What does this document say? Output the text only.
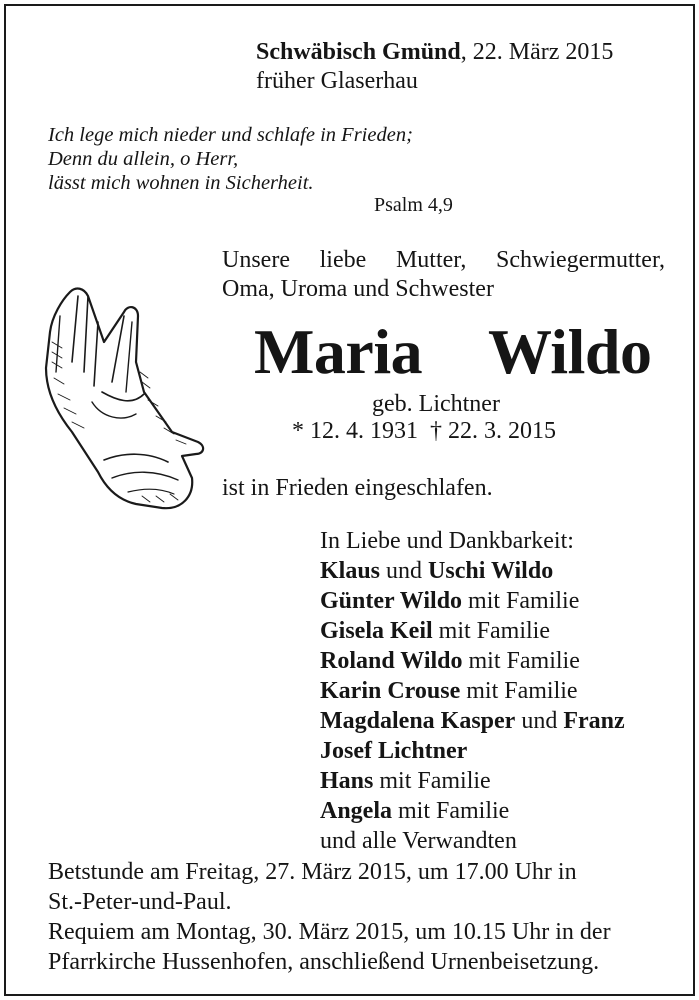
Schwäbisch Gmünd, 22. März 2015
früher Glaserhau
Ich lege mich nieder und schlafe in Frieden;
Denn du allein, o Herr,
lässt mich wohnen in Sicherheit.
Psalm 4,9
Unsere liebe Mutter, Schwiegermutter,
Oma, Uroma und Schwester
Maria  Wildo
geb. Lichtner
* 12. 4. 1931  † 22. 3. 2015
ist in Frieden eingeschlafen.
In Liebe und Dankbarkeit:
Klaus und Uschi Wildo
Günter Wildo mit Familie
Gisela Keil mit Familie
Roland Wildo mit Familie
Karin Crouse mit Familie
Magdalena Kasper und Franz
Josef Lichtner
Hans mit Familie
Angela mit Familie
und alle Verwandten
Betstunde am Freitag, 27. März 2015, um 17.00 Uhr in
St.-Peter-und-Paul.
Requiem am Montag, 30. März 2015, um 10.15 Uhr in der
Pfarrkirche Hussenhofen, anschließend Urnenbeisetzung.
